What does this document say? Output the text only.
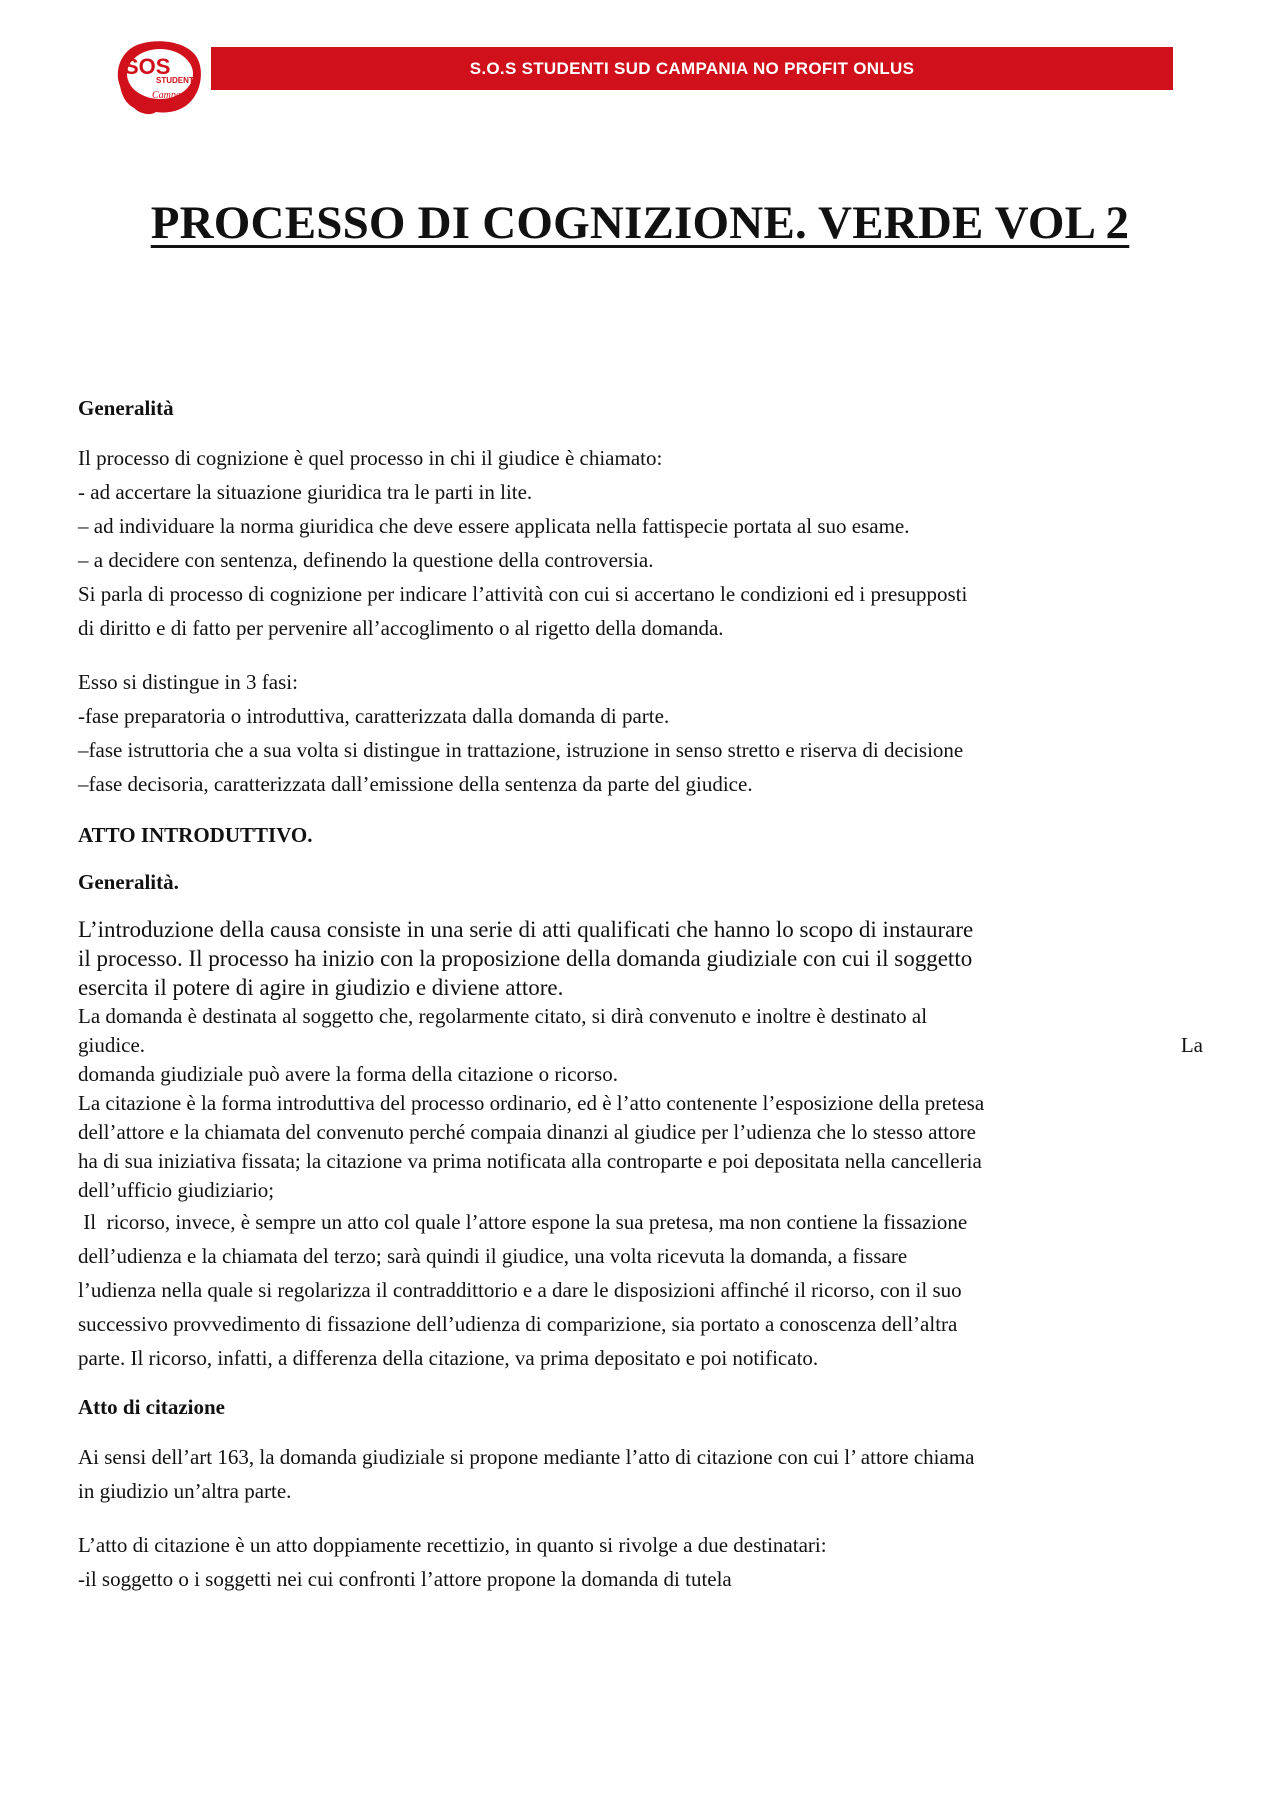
SOS
STUDENTI
Campania
S.O.S STUDENTI SUD CAMPANIA NO PROFIT ONLUS
PROCESSO DI COGNIZIONE. VERDE VOL 2
Generalità

Il processo di cognizione è quel processo in chi il giudice è chiamato:

- ad accertare la situazione giuridica tra le parti in lite.

– ad individuare la norma giuridica che deve essere applicata nella fattispecie portata al suo esame.

– a decidere con sentenza, definendo la questione della controversia.

Si parla di processo di cognizione per indicare l’attività con cui si accertano le condizioni ed i presupposti

di diritto e di fatto per pervenire all’accoglimento o al rigetto della domanda.

Esso si distingue in 3 fasi:

-fase preparatoria o introduttiva, caratterizzata dalla domanda di parte.

–fase istruttoria che a sua volta si distingue in trattazione, istruzione in senso stretto e riserva di decisione

–fase decisoria, caratterizzata dall’emissione della sentenza da parte del giudice.

ATTO INTRODUTTIVO.
Generalità.

L’introduzione della causa consiste in una serie di atti qualificati che hanno lo scopo di instaurare

il processo. Il processo ha inizio con la proposizione della domanda giudiziale con cui il soggetto

esercita il potere di agire in giudizio e diviene attore.

La domanda è destinata al soggetto che, regolarmente citato, si dirà convenuto e inoltre è destinato al

giudice.	La

domanda giudiziale può avere la forma della citazione o ricorso.

La citazione è la forma introduttiva del processo ordinario, ed è l’atto contenente l’esposizione della pretesa

dell’attore e la chiamata del convenuto perché compaia dinanzi al giudice per l’udienza che lo stesso attore

ha di sua iniziativa fissata; la citazione va prima notificata alla controparte e poi depositata nella cancelleria

dell’ufficio giudiziario;

Il  ricorso, invece, è sempre un atto col quale l’attore espone la sua pretesa, ma non contiene la fissazione

dell’udienza e la chiamata del terzo; sarà quindi il giudice, una volta ricevuta la domanda, a fissare

l’udienza nella quale si regolarizza il contraddittorio e a dare le disposizioni affinché il ricorso, con il suo

successivo provvedimento di fissazione dell’udienza di comparizione, sia portato a conoscenza dell’altra

parte. Il ricorso, infatti, a differenza della citazione, va prima depositato e poi notificato.

Atto di citazione

Ai sensi dell’art 163, la domanda giudiziale si propone mediante l’atto di citazione con cui l’ attore chiama

in giudizio un’altra parte.

L’atto di citazione è un atto doppiamente recettizio, in quanto si rivolge a due destinatari:

-il soggetto o i soggetti nei cui confronti l’attore propone la domanda di tutela
